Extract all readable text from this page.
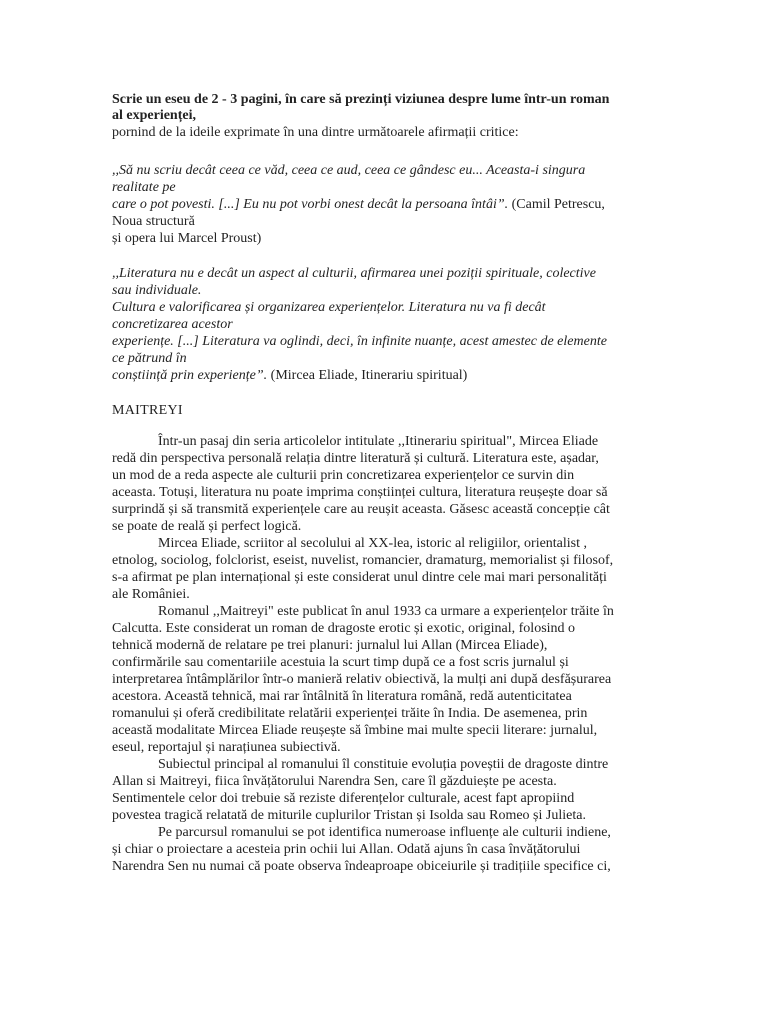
Scrie un eseu de 2 - 3 pagini, în care să prezinți viziunea despre lume într-un roman
al experienței,

pornind de la ideile exprimate în una dintre următoarele afirmații critice:

,,Să nu scriu decât ceea ce văd, ceea ce aud, ceea ce gândesc eu... Aceasta-i singura
realitate pe
care o pot povesti. [...] Eu nu pot vorbi onest decât la persoana întâi”. (Camil Petrescu,
Noua structură
și opera lui Marcel Proust)
,,Literatura nu e decât un aspect al culturii, afirmarea unei poziții spirituale, colective
sau individuale.
Cultura e valorificarea și organizarea experiențelor. Literatura nu va fi decât
concretizarea acestor
experiențe. [...] Literatura va oglindi, deci, în infinite nuanțe, acest amestec de elemente
ce pătrund în
conștiință prin experiențe”. (Mircea Eliade, Itinerariu spiritual)

MAITREYI

Într-un pasaj din seria articolelor intitulate ,,Itinerariu spiritual", Mircea Eliade
redă din perspectiva personală relația dintre literatură și cultură. Literatura este, așadar,
un mod de a reda aspecte ale culturii prin concretizarea experiențelor ce survin din
aceasta. Totuși, literatura nu poate imprima conștiinței cultura, literatura reușește doar să
surprindă și să transmită experiențele care au reușit aceasta. Găsesc această concepție cât
se poate de reală și perfect logică.
Mircea Eliade, scriitor al secolului al XX-lea, istoric al religiilor, orientalist ,
etnolog, sociolog, folclorist, eseist, nuvelist, romancier, dramaturg, memorialist și filosof,
s-a afirmat pe plan internațional și este considerat unul dintre cele mai mari personalități
ale României.
Romanul ,,Maitreyi" este publicat în anul 1933 ca urmare a experiențelor trăite în
Calcutta. Este considerat un roman de dragoste erotic și exotic, original, folosind o
tehnică modernă de relatare pe trei planuri: jurnalul lui Allan (Mircea Eliade),
confirmările sau comentariile acestuia la scurt timp după ce a fost scris jurnalul și
interpretarea întâmplărilor într-o manieră relativ obiectivă, la mulți ani după desfășurarea
acestora. Această tehnică, mai rar întâlnită în literatura română, redă autenticitatea
romanului și oferă credibilitate relatării experienței trăite în India. De asemenea, prin
această modalitate Mircea Eliade reușește să îmbine mai multe specii literare: jurnalul,
eseul, reportajul și narațiunea subiectivă.
Subiectul principal al romanului îl constituie evoluția poveștii de dragoste dintre
Allan si Maitreyi, fiica învățătorului Narendra Sen, care îl găzduiește pe acesta.
Sentimentele celor doi trebuie să reziste diferențelor culturale, acest fapt apropiind
povestea tragică relatată de miturile cuplurilor Tristan și Isolda sau Romeo și Julieta.
Pe parcursul romanului se pot identifica numeroase influențe ale culturii indiene,
și chiar o proiectare a acesteia prin ochii lui Allan. Odată ajuns în casa învățătorului
Narendra Sen nu numai că poate observa îndeaproape obiceiurile și tradițiile specifice ci,
